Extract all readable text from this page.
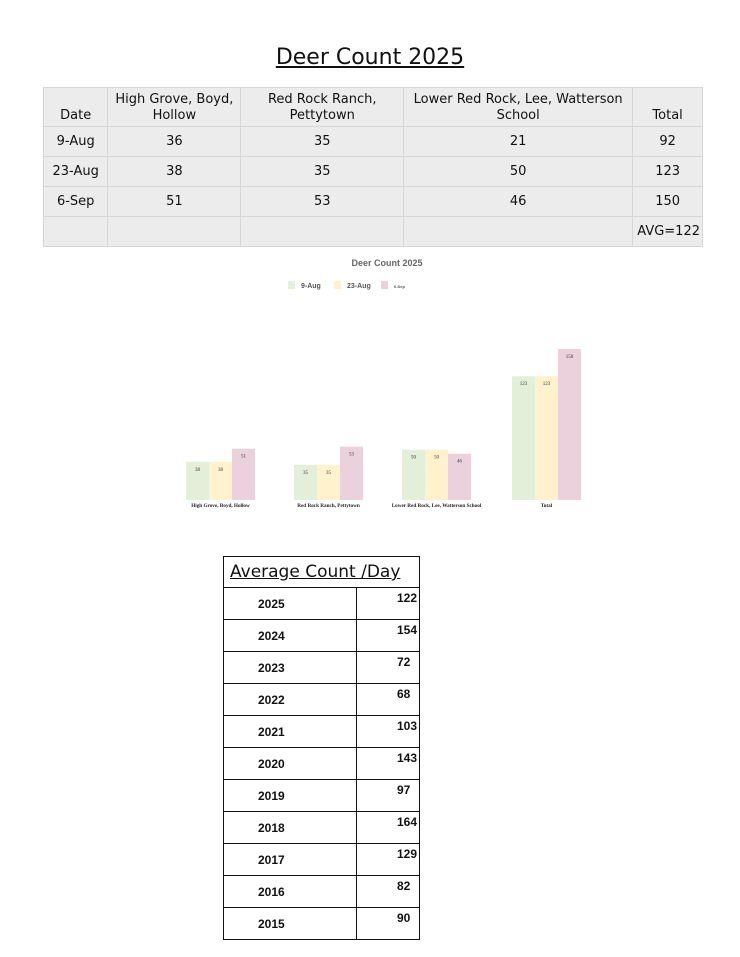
Deer Count 2025
Date	High Grove, Boyd, Hollow	Red Rock Ranch, Pettytown	Lower Red Rock, Lee, Watterson School	Total
9-Aug	36	35	21	92
23-Aug	38	35	50	123
6-Sep	51	53	46	150
				AVG=122
Deer Count 2025
9-Aug	23-Aug	6-Sep
38	38
51
High Grove, Boyd, Hollow
35	35
53
Red Rock Ranch, Pettytown
50	50
46
Lower Red Rock, Lee, Watterson School
123	123
150
Total
Average Count /Day	
2025	122
2024	154
2023	72
2022	68
2021	103
2020	143
2019	97
2018	164
2017	129
2016	82
2015	90
